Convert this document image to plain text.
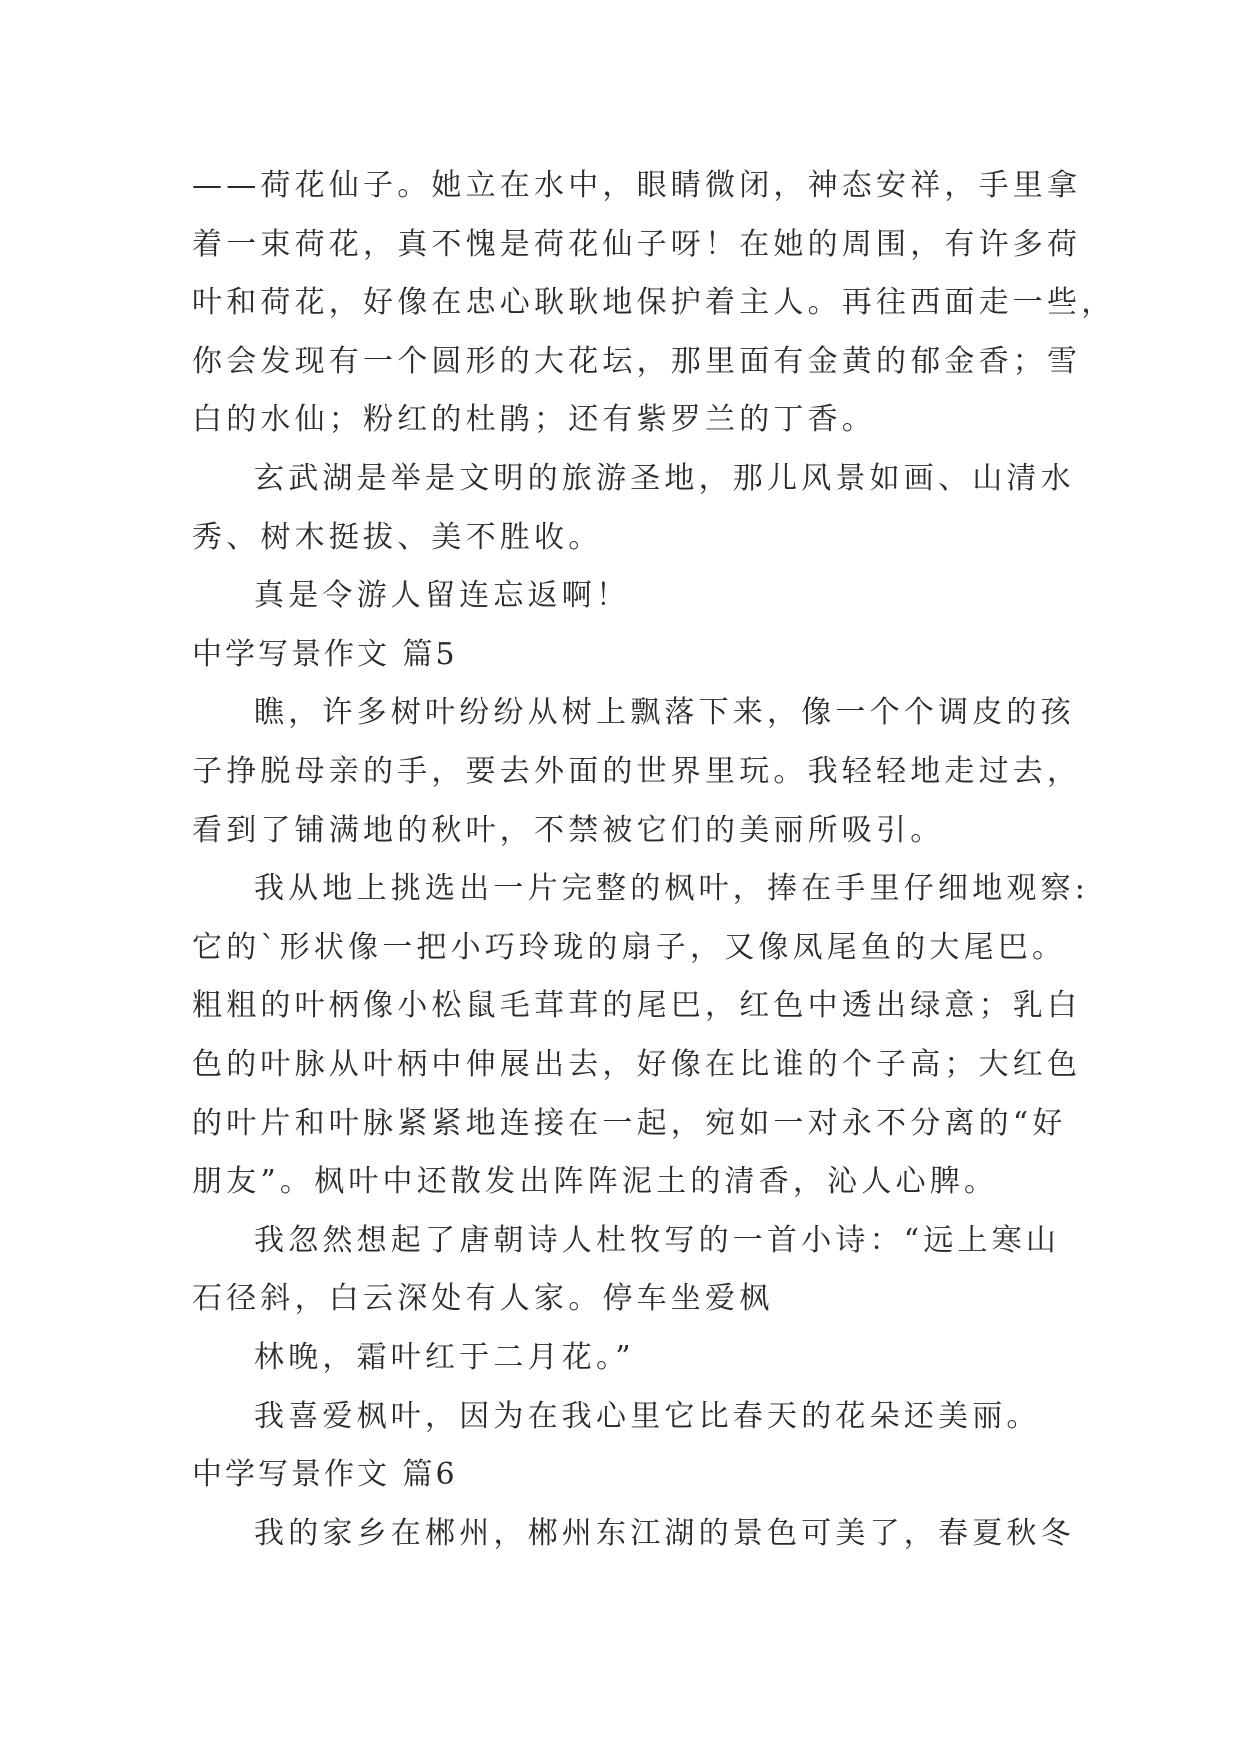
——荷花仙子。她立在水中，眼睛微闭，神态安祥，手里拿
着一束荷花，真不愧是荷花仙子呀！在她的周围，有许多荷
叶和荷花，好像在忠心耿耿地保护着主人。再往西面走一些，
你会发现有一个圆形的大花坛，那里面有金黄的郁金香；雪
白的水仙；粉红的杜鹃；还有紫罗兰的丁香。
玄武湖是举是文明的旅游圣地，那儿风景如画、山清水
秀、树木挺拔、美不胜收。
真是令游人留连忘返啊！
中学写景作文 篇5
瞧，许多树叶纷纷从树上飘落下来，像一个个调皮的孩
子挣脱母亲的手，要去外面的世界里玩。我轻轻地走过去，
看到了铺满地的秋叶，不禁被它们的美丽所吸引。
我从地上挑选出一片完整的枫叶，捧在手里仔细地观察:
它的`形状像一把小巧玲珑的扇子，又像凤尾鱼的大尾巴。
粗粗的叶柄像小松鼠毛茸茸的尾巴，红色中透出绿意；乳白
色的叶脉从叶柄中伸展出去，好像在比谁的个子高；大红色
的叶片和叶脉紧紧地连接在一起，宛如一对永不分离的“好
朋友”。枫叶中还散发出阵阵泥土的清香，沁人心脾。
我忽然想起了唐朝诗人杜牧写的一首小诗：“远上寒山
石径斜，白云深处有人家。停车坐爱枫
林晚，霜叶红于二月花。”
我喜爱枫叶，因为在我心里它比春天的花朵还美丽。
中学写景作文 篇6
我的家乡在郴州，郴州东江湖的景色可美了，春夏秋冬
